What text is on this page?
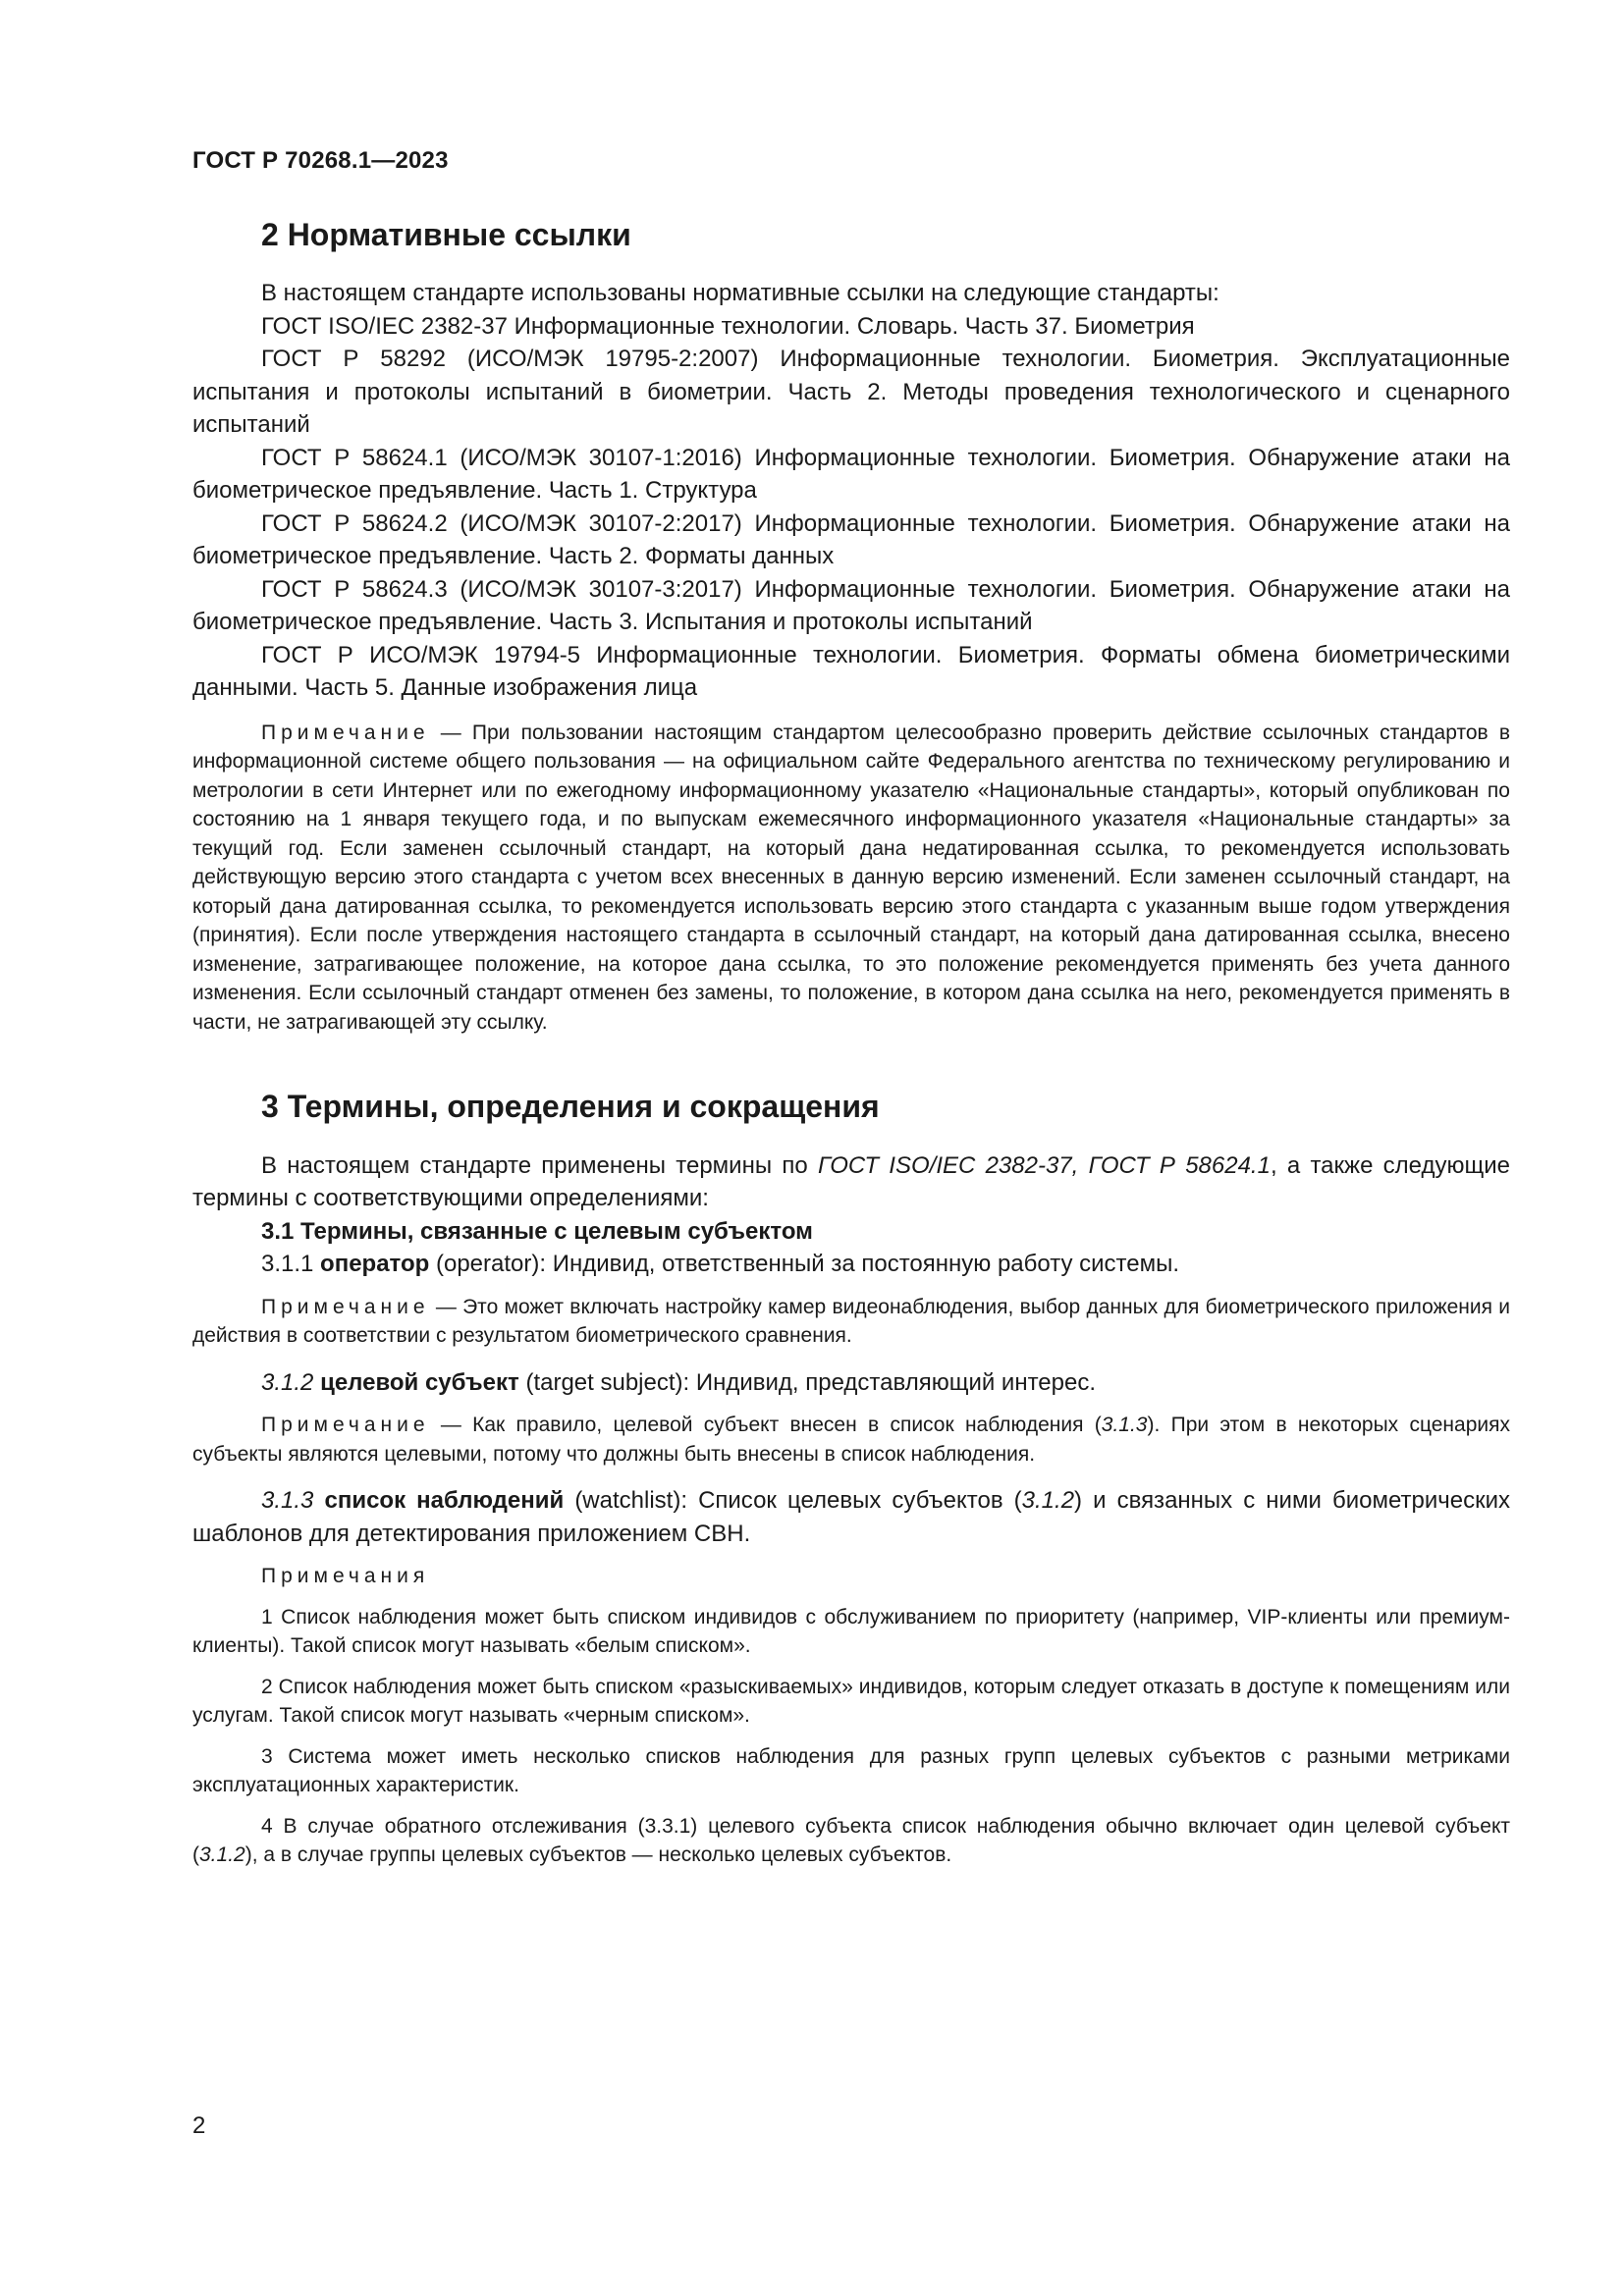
ГОСТ Р 70268.1—2023
2 Нормативные ссылки

В настоящем стандарте использованы нормативные ссылки на следующие стандарты:

ГОСТ ISO/IEC 2382-37 Информационные технологии. Словарь. Часть 37. Биометрия

ГОСТ Р 58292 (ИСО/МЭК 19795-2:2007) Информационные технологии. Биометрия. Эксплуатационные испытания и протоколы испытаний в биометрии. Часть 2. Методы проведения технологического и сценарного испытаний

ГОСТ Р 58624.1 (ИСО/МЭК 30107-1:2016) Информационные технологии. Биометрия. Обнаружение атаки на биометрическое предъявление. Часть 1. Структура

ГОСТ Р 58624.2 (ИСО/МЭК 30107-2:2017) Информационные технологии. Биометрия. Обнаружение атаки на биометрическое предъявление. Часть 2. Форматы данных

ГОСТ Р 58624.3 (ИСО/МЭК 30107-3:2017) Информационные технологии. Биометрия. Обнаружение атаки на биометрическое предъявление. Часть 3. Испытания и протоколы испытаний

ГОСТ Р ИСО/МЭК 19794-5 Информационные технологии. Биометрия. Форматы обмена биометрическими данными. Часть 5. Данные изображения лица

Примечание — При пользовании настоящим стандартом целесообразно проверить действие ссылочных стандартов в информационной системе общего пользования — на официальном сайте Федерального агентства по техническому регулированию и метрологии в сети Интернет или по ежегодному информационному указателю «Национальные стандарты», который опубликован по состоянию на 1 января текущего года, и по выпускам ежемесячного информационного указателя «Национальные стандарты» за текущий год. Если заменен ссылочный стандарт, на который дана недатированная ссылка, то рекомендуется использовать действующую версию этого стандарта с учетом всех внесенных в данную версию изменений. Если заменен ссылочный стандарт, на который дана датированная ссылка, то рекомендуется использовать версию этого стандарта с указанным выше годом утверждения (принятия). Если после утверждения настоящего стандарта в ссылочный стандарт, на который дана датированная ссылка, внесено изменение, затрагивающее положение, на которое дана ссылка, то это положение рекомендуется применять без учета данного изменения. Если ссылочный стандарт отменен без замены, то положение, в котором дана ссылка на него, рекомендуется применять в части, не затрагивающей эту ссылку.

3 Термины, определения и сокращения

В настоящем стандарте применены термины по ГОСТ ISO/IEC 2382-37, ГОСТ Р 58624.1, а также следующие термины с соответствующими определениями:

3.1 Термины, связанные с целевым субъектом

3.1.1 оператор (operator): Индивид, ответственный за постоянную работу системы.

Примечание — Это может включать настройку камер видеонаблюдения, выбор данных для биометрического приложения и действия в соответствии с результатом биометрического сравнения.

3.1.2 целевой субъект (target subject): Индивид, представляющий интерес.

Примечание — Как правило, целевой субъект внесен в список наблюдения (3.1.3). При этом в некоторых сценариях субъекты являются целевыми, потому что должны быть внесены в список наблюдения.

3.1.3 список наблюдений (watchlist): Список целевых субъектов (3.1.2) и связанных с ними биометрических шаблонов для детектирования приложением СВН.

Примечания

1 Список наблюдения может быть списком индивидов с обслуживанием по приоритету (например, VIP-клиенты или премиум-клиенты). Такой список могут называть «белым списком».

2 Список наблюдения может быть списком «разыскиваемых» индивидов, которым следует отказать в доступе к помещениям или услугам. Такой список могут называть «черным списком».

3 Система может иметь несколько списков наблюдения для разных групп целевых субъектов с разными метриками эксплуатационных характеристик.

4 В случае обратного отслеживания (3.3.1) целевого субъекта список наблюдения обычно включает один целевой субъект (3.1.2), а в случае группы целевых субъектов — несколько целевых субъектов.

2
